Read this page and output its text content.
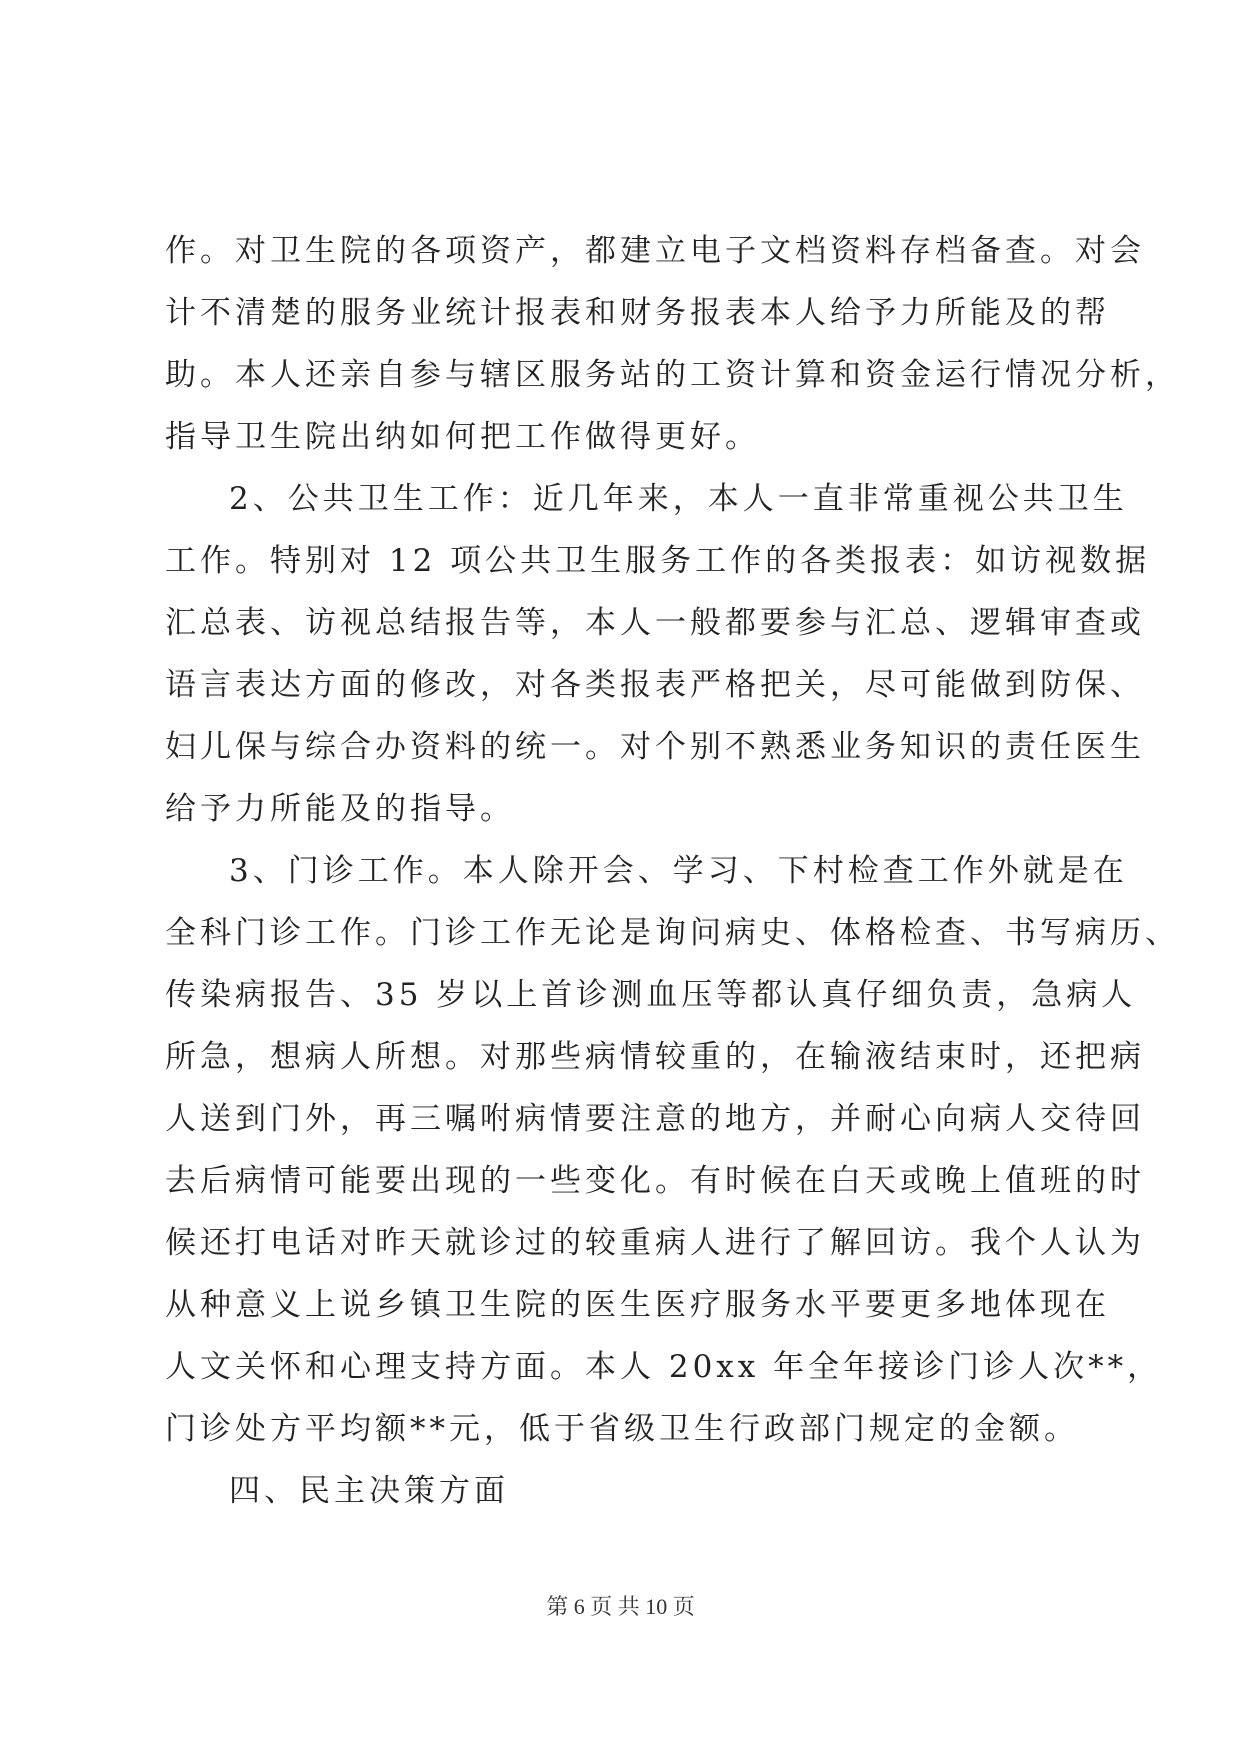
作。对卫生院的各项资产，都建立电子文档资料存档备查。对会
计不清楚的服务业统计报表和财务报表本人给予力所能及的帮
助。本人还亲自参与辖区服务站的工资计算和资金运行情况分析，
指导卫生院出纳如何把工作做得更好。
2、公共卫生工作：近几年来，本人一直非常重视公共卫生
工作。特别对 12 项公共卫生服务工作的各类报表：如访视数据
汇总表、访视总结报告等，本人一般都要参与汇总、逻辑审查或
语言表达方面的修改，对各类报表严格把关，尽可能做到防保、
妇儿保与综合办资料的统一。对个别不熟悉业务知识的责任医生
给予力所能及的指导。
3、门诊工作。本人除开会、学习、下村检查工作外就是在
全科门诊工作。门诊工作无论是询问病史、体格检查、书写病历、
传染病报告、35 岁以上首诊测血压等都认真仔细负责，急病人
所急，想病人所想。对那些病情较重的，在输液结束时，还把病
人送到门外，再三嘱咐病情要注意的地方，并耐心向病人交待回
去后病情可能要出现的一些变化。有时候在白天或晚上值班的时
候还打电话对昨天就诊过的较重病人进行了解回访。我个人认为
从种意义上说乡镇卫生院的医生医疗服务水平要更多地体现在
人文关怀和心理支持方面。本人 20xx 年全年接诊门诊人次**，
门诊处方平均额**元，低于省级卫生行政部门规定的金额。
四、民主决策方面
第 6 页 共 10 页
